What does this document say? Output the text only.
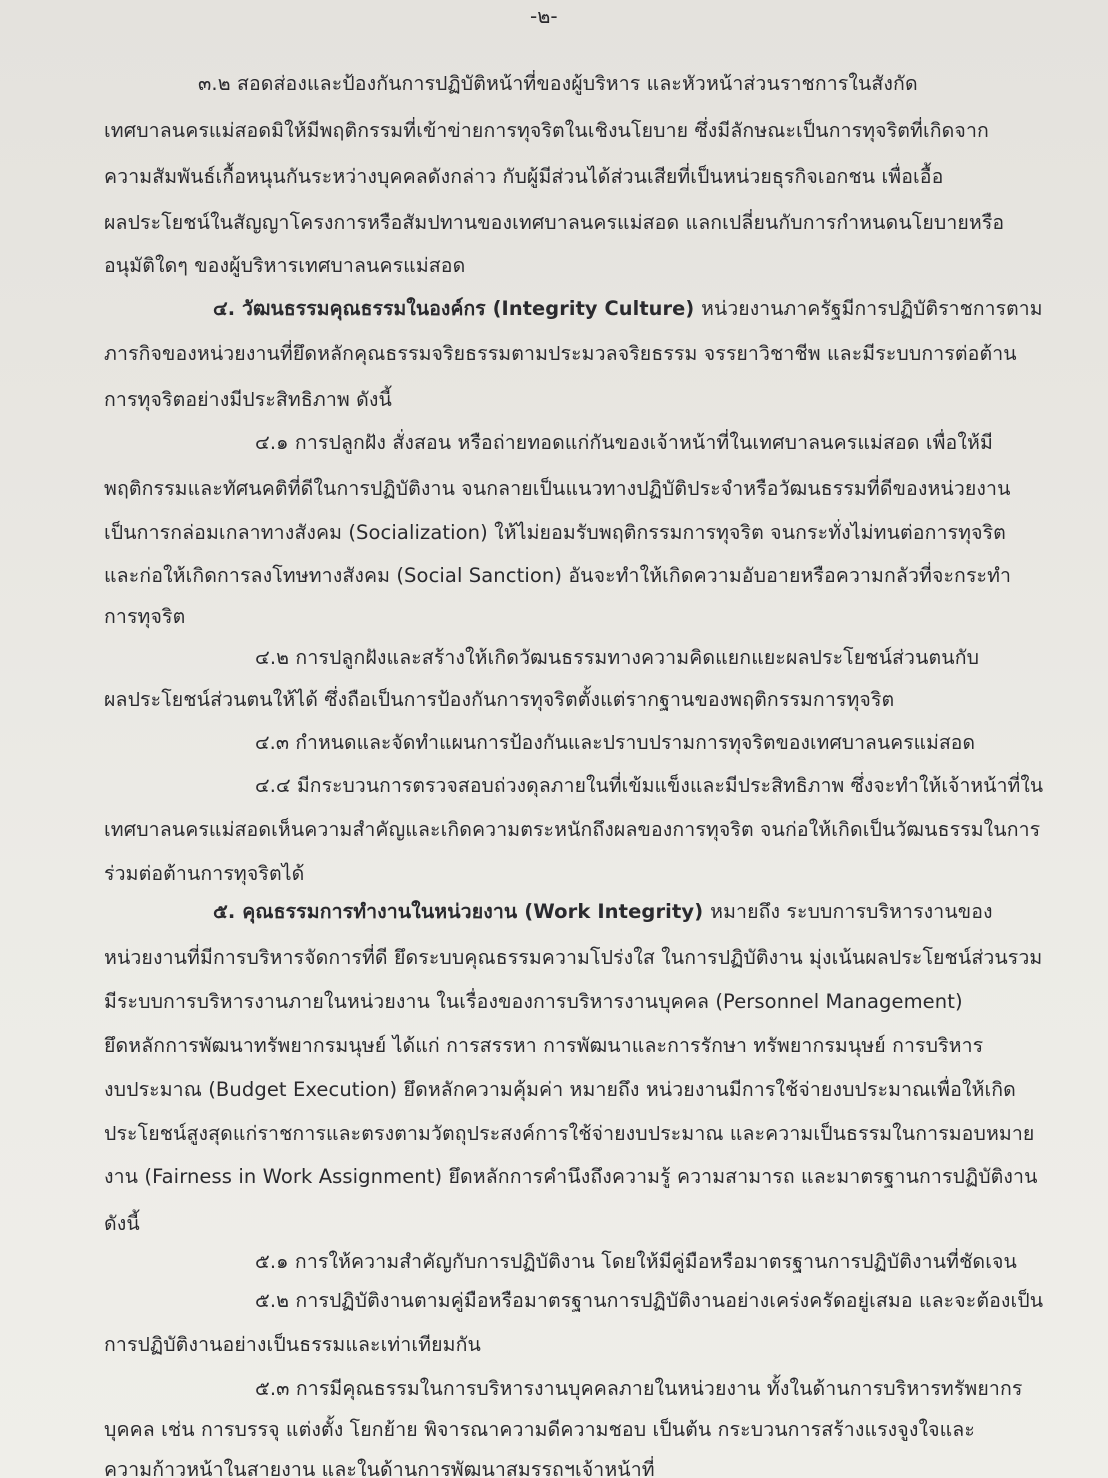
-๒-
๓.๒ สอดส่องและป้องกันการปฏิบัติหน้าที่ของผู้บริหาร และหัวหน้าส่วนราชการในสังกัด
เทศบาลนครแม่สอดมิให้มีพฤติกรรมที่เข้าข่ายการทุจริตในเชิงนโยบาย ซึ่งมีลักษณะเป็นการทุจริตที่เกิดจาก
ความสัมพันธ์เกื้อหนุนกันระหว่างบุคคลดังกล่าว กับผู้มีส่วนได้ส่วนเสียที่เป็นหน่วยธุรกิจเอกชน เพื่อเอื้อ
ผลประโยชน์ในสัญญาโครงการหรือสัมปทานของเทศบาลนครแม่สอด แลกเปลี่ยนกับการกำหนดนโยบายหรือ
อนุมัติใดๆ ของผู้บริหารเทศบาลนครแม่สอด
๔. วัฒนธรรมคุณธรรมในองค์กร (Integrity Culture) หน่วยงานภาครัฐมีการปฏิบัติราชการตาม
ภารกิจของหน่วยงานที่ยึดหลักคุณธรรมจริยธรรมตามประมวลจริยธรรม จรรยาวิชาชีพ และมีระบบการต่อต้าน
การทุจริตอย่างมีประสิทธิภาพ ดังนี้
๔.๑ การปลูกฝัง สั่งสอน หรือถ่ายทอดแก่กันของเจ้าหน้าที่ในเทศบาลนครแม่สอด เพื่อให้มี
พฤติกรรมและทัศนคติที่ดีในการปฏิบัติงาน จนกลายเป็นแนวทางปฏิบัติประจำหรือวัฒนธรรมที่ดีของหน่วยงาน
เป็นการกล่อมเกลาทางสังคม (Socialization) ให้ไม่ยอมรับพฤติกรรมการทุจริต จนกระทั่งไม่ทนต่อการทุจริต
และก่อให้เกิดการลงโทษทางสังคม (Social Sanction) อันจะทำให้เกิดความอับอายหรือความกลัวที่จะกระทำ
การทุจริต
๔.๒ การปลูกฝังและสร้างให้เกิดวัฒนธรรมทางความคิดแยกแยะผลประโยชน์ส่วนตนกับ
ผลประโยชน์ส่วนตนให้ได้ ซึ่งถือเป็นการป้องกันการทุจริตตั้งแต่รากฐานของพฤติกรรมการทุจริต
๔.๓ กำหนดและจัดทำแผนการป้องกันและปราบปรามการทุจริตของเทศบาลนครแม่สอด
๔.๔ มีกระบวนการตรวจสอบถ่วงดุลภายในที่เข้มแข็งและมีประสิทธิภาพ ซึ่งจะทำให้เจ้าหน้าที่ใน
เทศบาลนครแม่สอดเห็นความสำคัญและเกิดความตระหนักถึงผลของการทุจริต จนก่อให้เกิดเป็นวัฒนธรรมในการ
ร่วมต่อต้านการทุจริตได้
๕. คุณธรรมการทำงานในหน่วยงาน (Work Integrity) หมายถึง ระบบการบริหารงานของ
หน่วยงานที่มีการบริหารจัดการที่ดี ยึดระบบคุณธรรมความโปร่งใส ในการปฏิบัติงาน มุ่งเน้นผลประโยชน์ส่วนรวม
มีระบบการบริหารงานภายในหน่วยงาน ในเรื่องของการบริหารงานบุคคล (Personnel Management)
ยึดหลักการพัฒนาทรัพยากรมนุษย์ ได้แก่ การสรรหา การพัฒนาและการรักษา ทรัพยากรมนุษย์ การบริหาร
งบประมาณ (Budget Execution) ยึดหลักความคุ้มค่า หมายถึง หน่วยงานมีการใช้จ่ายงบประมาณเพื่อให้เกิด
ประโยชน์สูงสุดแก่ราชการและตรงตามวัตถุประสงค์การใช้จ่ายงบประมาณ และความเป็นธรรมในการมอบหมาย
งาน (Fairness in Work Assignment) ยึดหลักการคำนึงถึงความรู้ ความสามารถ และมาตรฐานการปฏิบัติงาน
ดังนี้
๕.๑ การให้ความสำคัญกับการปฏิบัติงาน โดยให้มีคู่มือหรือมาตรฐานการปฏิบัติงานที่ชัดเจน
๕.๒ การปฏิบัติงานตามคู่มือหรือมาตรฐานการปฏิบัติงานอย่างเคร่งครัดอยู่เสมอ และจะต้องเป็น
การปฏิบัติงานอย่างเป็นธรรมและเท่าเทียมกัน
๕.๓ การมีคุณธรรมในการบริหารงานบุคคลภายในหน่วยงาน ทั้งในด้านการบริหารทรัพยากร
บุคคล เช่น การบรรจุ แต่งตั้ง โยกย้าย พิจารณาความดีความชอบ เป็นต้น กระบวนการสร้างแรงจูงใจและ
ความก้าวหน้าในสายงาน และในด้านการพัฒนาสมรรถฯเจ้าหน้าที่
